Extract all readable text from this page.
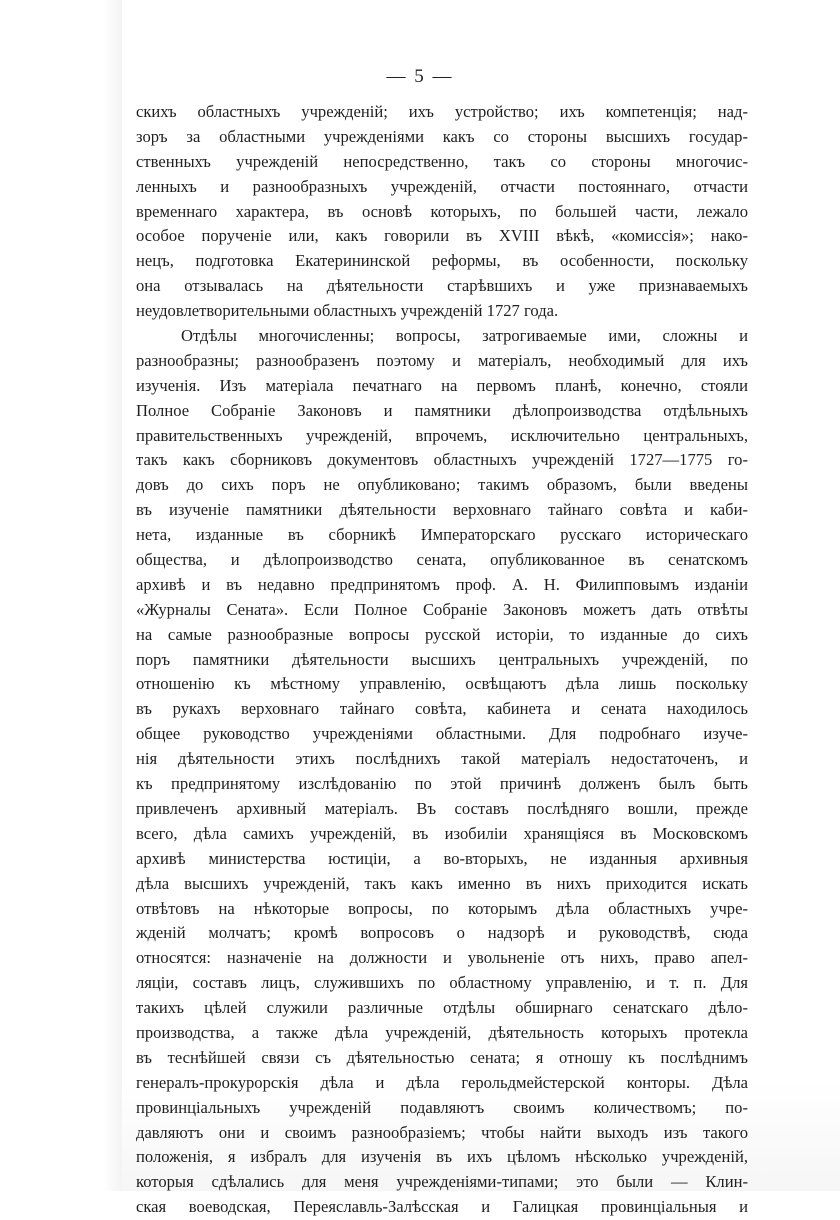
— 5 —
скихъ областныхъ учрежденій; ихъ устройство; ихъ компетенція; над-
зоръ за областными учрежденіями какъ со стороны высшихъ государ-
ственныхъ учрежденій непосредственно, такъ со стороны многочис-
ленныхъ и разнообразныхъ учрежденій, отчасти постояннаго, отчасти
временнаго характера, въ основѣ которыхъ, по большей части, лежало
особое порученіе или, какъ говорили въ XVIII вѣкѣ, «комиссія»; нако-
нецъ, подготовка Екатерининской реформы, въ особенности, поскольку
она отзывалась на дѣятельности старѣвшихъ и уже признаваемыхъ
неудовлетворительными областныхъ учрежденій 1727 года.
Отдѣлы многочисленны; вопросы, затрогиваемые ими, сложны и
разнообразны; разнообразенъ поэтому и матеріалъ, необходимый для ихъ
изученія. Изъ матеріала печатнаго на первомъ планѣ, конечно, стояли
Полное Собраніе Законовъ и памятники дѣлопроизводства отдѣльныхъ
правительственныхъ учрежденій, впрочемъ, исключительно центральныхъ,
такъ какъ сборниковъ документовъ областныхъ учрежденій 1727—1775 го-
довъ до сихъ поръ не опубликовано; такимъ образомъ, были введены
въ изученіе памятники дѣятельности верховнаго тайнаго совѣта и каби-
нета, изданные въ сборникѣ Императорскаго русскаго историческаго
общества, и дѣлопроизводство сената, опубликованное въ сенатскомъ
архивѣ и въ недавно предпринятомъ проф. А. Н. Филипповымъ изданіи
«Журналы Сената». Если Полное Собраніе Законовъ можетъ дать отвѣты
на самые разнообразные вопросы русской исторіи, то изданные до сихъ
поръ памятники дѣятельности высшихъ центральныхъ учрежденій, по
отношенію къ мѣстному управленію, освѣщаютъ дѣла лишь поскольку
въ рукахъ верховнаго тайнаго совѣта, кабинета и сената находилось
общее руководство учрежденіями областными. Для подробнаго изуче-
нія дѣятельности этихъ послѣднихъ такой матеріалъ недостаточенъ, и
къ предпринятому изслѣдованію по этой причинѣ долженъ былъ быть
привлеченъ архивный матеріалъ. Въ составъ послѣдняго вошли, прежде
всего, дѣла самихъ учрежденій, въ изобиліи хранящіяся въ Московскомъ
архивѣ министерства юстиціи, а во-вторыхъ, не изданныя архивныя
дѣла высшихъ учрежденій, такъ какъ именно въ нихъ приходится искать
отвѣтовъ на нѣкоторые вопросы, по которымъ дѣла областныхъ учре-
жденій молчатъ; кромѣ вопросовъ о надзорѣ и руководствѣ, сюда
относятся: назначеніе на должности и увольненіе отъ нихъ, право апел-
ляціи, составъ лицъ, служившихъ по областному управленію, и т. п. Для
такихъ цѣлей служили различные отдѣлы обширнаго сенатскаго дѣло-
производства, а также дѣла учрежденій, дѣятельность которыхъ протекла
въ теснѣйшей связи съ дѣятельностью сената; я отношу къ послѣднимъ
генералъ-прокурорскія дѣла и дѣла герольдмейстерской конторы. Дѣла
провинціальныхъ учрежденій подавляютъ своимъ количествомъ; по-
давляютъ они и своимъ разнообразіемъ; чтобы найти выходъ изъ такого
положенія, я избралъ для изученія въ ихъ цѣломъ нѣсколько учрежденій,
которыя сдѣлались для меня учрежденіями-типами; это были — Клин-
ская воеводская, Переяславль-Залѣсская и Галицкая провинціальныя и
